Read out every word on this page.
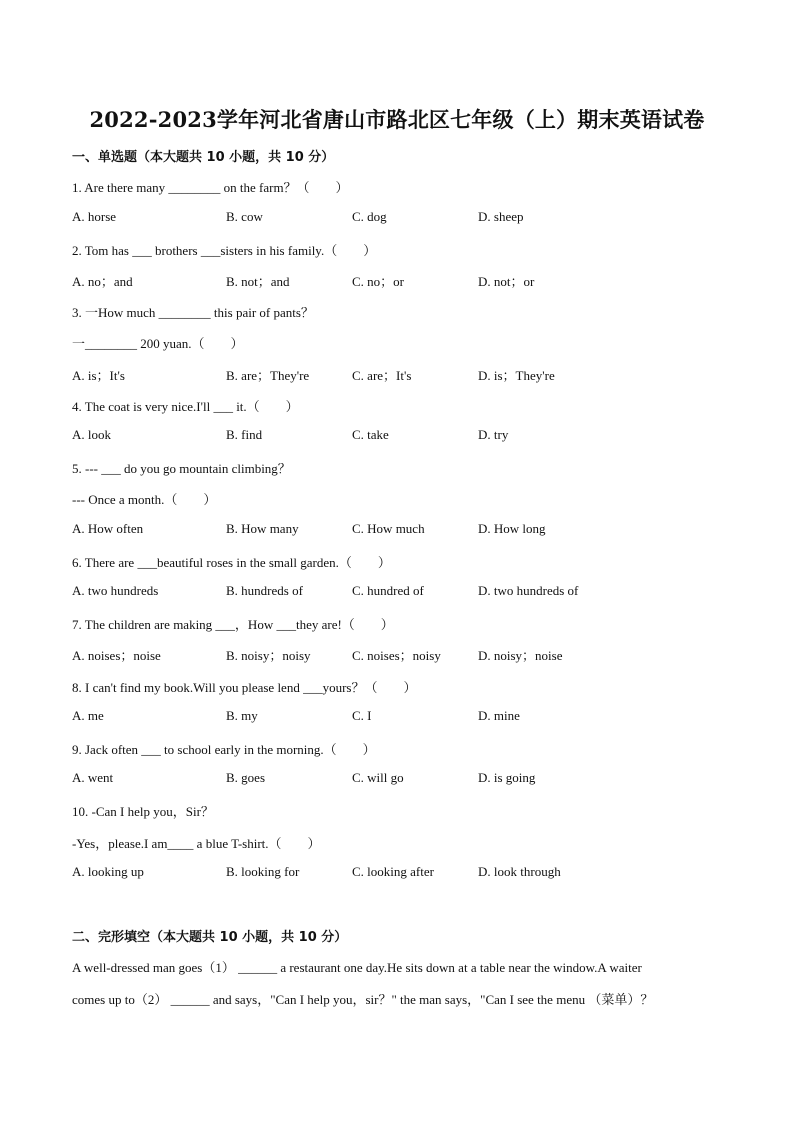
2022-2023学年河北省唐山市路北区七年级（上）期末英语试卷
一、单选题（本大题共 10 小题，共 10 分）
1. Are there many ________ on the farm？（　　）
A. horse	B. cow	C. dog	D. sheep
2. Tom has ___ brothers ___sisters in his family.（　　）
A. no；and	B. not；and	C. no；or	D. not；or
3. 一How much ________ this pair of pants？
一________ 200 yuan.（　　）
A. is；It's	B. are；They're	C. are；It's	D. is；They're
4. The coat is very nice.I'll ___ it.（　　）
A. look	B. find	C. take	D. try
5. --- ___ do you go mountain climbing？
--- Once a month.（　　）
A. How often	B. How many	C. How much	D. How long
6. There are ___beautiful roses in the small garden.（　　）
A. two hundreds	B. hundreds of	C. hundred of	D. two hundreds of
7. The children are making ___，How ___they are!（　　）
A. noises；noise	B. noisy；noisy	C. noises；noisy	D. noisy；noise
8. I can't find my book.Will you please lend ___yours？（　　）
A. me	B. my	C. I	D. mine
9. Jack often ___ to school early in the morning.（　　）
A. went	B. goes	C. will go	D. is going
10. -Can I help you，Sir？
-Yes，please.I am____ a blue T-shirt.（　　）
A. looking up	B. looking for	C. looking after	D. look through
二、完形填空（本大题共 10 小题，共 10 分）
A well-dressed man goes（1） ______ a restaurant one day.He sits down at a table near the window.A waiter
comes up to（2） ______ and says，"Can I help you，sir？" the man says，"Can I see the menu （菜单）？
